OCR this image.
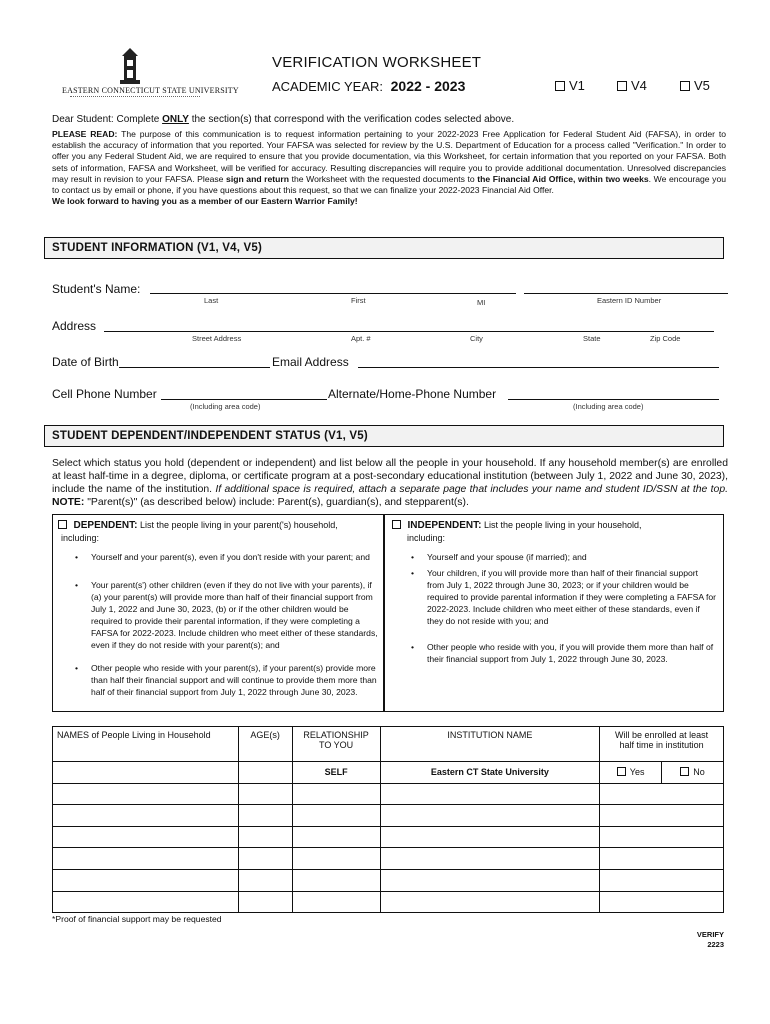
EASTERN CONNECTICUT STATE UNIVERSITY
VERIFICATION WORKSHEET
ACADEMIC YEAR: 2022 - 2023	V1	V4	V5
Dear Student: Complete ONLY the section(s) that correspond with the verification codes selected above.

PLEASE READ: The purpose of this communication is to request information pertaining to your 2022-2023 Free Application for Federal Student Aid (FAFSA), in order to establish the accuracy of information that you reported. Your FAFSA was selected for review by the U.S. Department of Education for a process called "Verification." In order to offer you any Federal Student Aid, we are required to ensure that you provide documentation, via this Worksheet, for certain information that you reported on your FAFSA. Both sets of information, FAFSA and Worksheet, will be verified for accuracy. Resulting discrepancies will require you to provide additional documentation. Unresolved discrepancies may result in revision to your FAFSA. Please sign and return the Worksheet with the requested documents to the Financial Aid Office, within two weeks. We encourage you to contact us by email or phone, if you have questions about this request, so that we can finalize your 2022-2023 Financial Aid Offer.

We look forward to having you as a member of our Eastern Warrior Family!

STUDENT INFORMATION (V1, V4, V5)
Student's Name:
Last	First	MI	Eastern ID Number
Address
Street Address	Apt. #	City	State	Zip Code
Date of Birth	Email Address
Cell Phone Number
(Including area code)
Alternate/Home-Phone Number
(Including area code)
STUDENT DEPENDENT/INDEPENDENT STATUS (V1, V5)

Select which status you hold (dependent or independent) and list below all the people in your household. If any household member(s) are enrolled at least half-time in a degree, diploma, or certificate program at a post-secondary educational institution (between July 1, 2022 and June 30, 2023), include the name of the institution. If additional space is required, attach a separate page that includes your name and student ID/SSN at the top. NOTE: "Parent(s)" (as described below) include: Parent(s), guardian(s), and stepparent(s).

DEPENDENT: List the people living in your parent('s) household,
including:
• Yourself and your parent(s), even if you don't reside with your parent; and
• Your parent(s') other children (even if they do not live with your parents), if (a) your parent(s) will provide more than half of their financial support from July 1, 2022 and June 30, 2023, (b) or if the other children would be required to provide their parental information, if they were completing a FAFSA for 2022-2023. Include children who meet either of these standards, even if they do not reside with your parent(s); and
• Other people who reside with your parent(s), if your parent(s) provide more than half their financial support and will continue to provide them more than half of their financial support from July 1, 2022 through June 30, 2023.
INDEPENDENT: List the people living in your household,
including:
• Yourself and your spouse (if married); and
• Your children, if you will provide more than half of their financial support from July 1, 2022 through June 30, 2023; or if your children would be required to provide parental information if they were completing a FAFSA for 2022-2023. Include children who meet either of these standards, even if they do not reside with you; and
• Other people who reside with you, if you will provide them more than half of their financial support from July 1, 2022 through June 30, 2023.
NAMES of People Living in Household	AGE(s)	RELATIONSHIP TO YOU	INSTITUTION NAME	Will be enrolled at least half time in institution	
		SELF	Eastern CT State University	Yes	No

*Proof of financial support may be requested
VERIFY
2223
